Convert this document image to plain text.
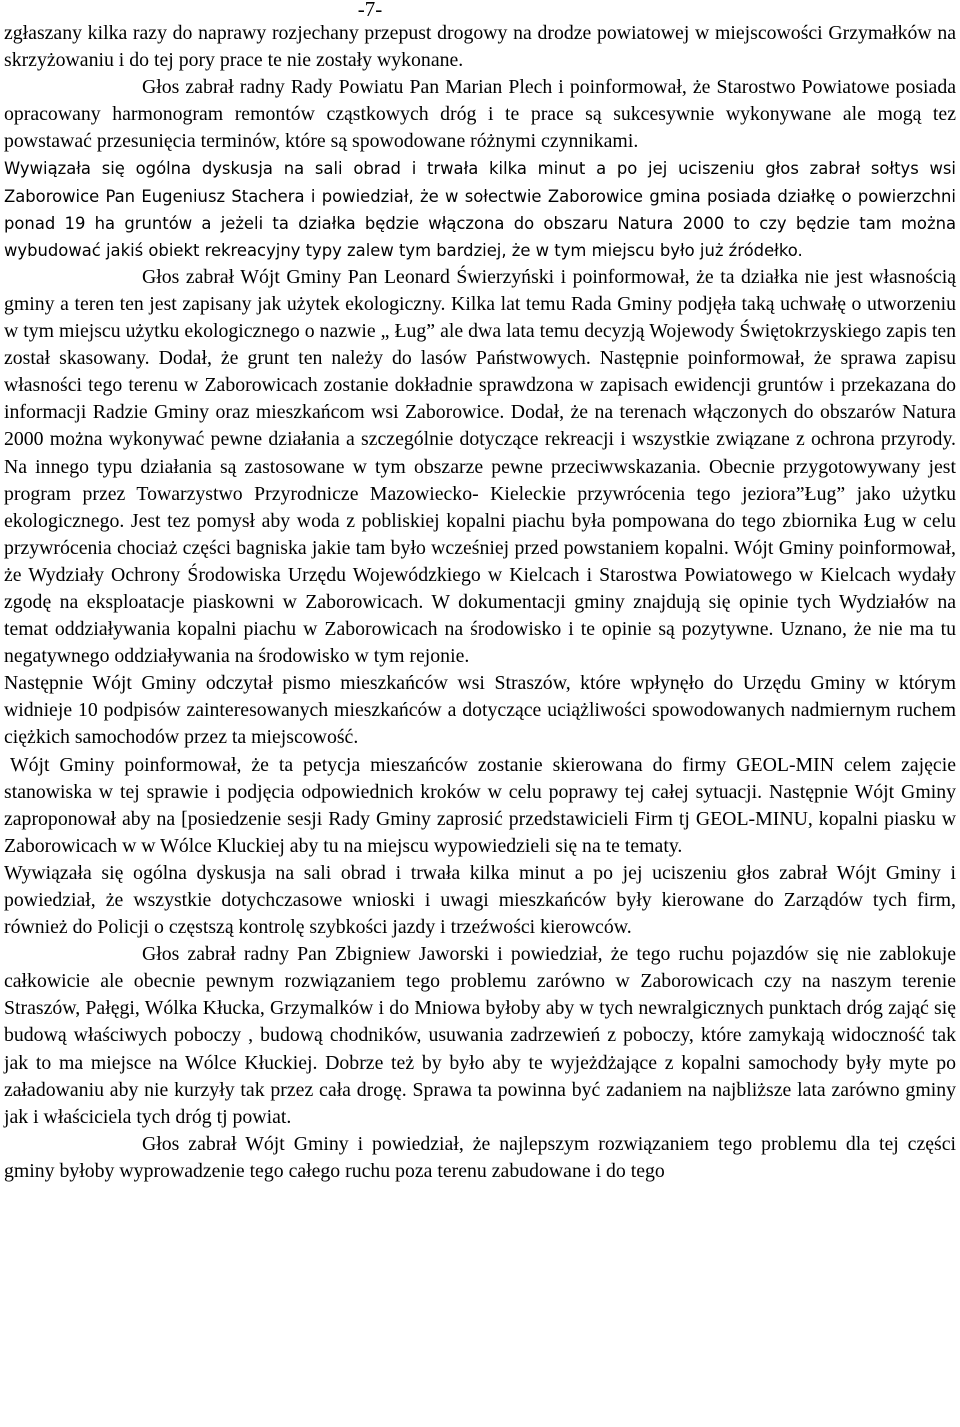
-7-

zgłaszany kilka razy do naprawy rozjechany przepust drogowy na drodze powiatowej w miejscowości Grzymałków na skrzyżowaniu i do tej pory prace te nie zostały wykonane.

Głos zabrał radny Rady Powiatu Pan Marian Plech i poinformował, że Starostwo Powiatowe posiada opracowany harmonogram remontów cząstkowych dróg i te prace są sukcesywnie wykonywane ale mogą tez powstawać przesunięcia terminów, które są spowodowane różnymi czynnikami.

Wywiązała się ogólna dyskusja na sali obrad i trwała kilka minut a po jej uciszeniu głos zabrał sołtys wsi Zaborowice Pan Eugeniusz Stachera i powiedział, że w sołectwie Zaborowice gmina posiada działkę o powierzchni ponad 19 ha gruntów a jeżeli ta działka będzie włączona do obszaru Natura 2000 to czy będzie tam można wybudować jakiś obiekt rekreacyjny typy zalew tym bardziej, że w tym miejscu było już źródełko.

Głos zabrał Wójt Gminy Pan Leonard Świerzyński i poinformował, że ta działka nie jest własnością gminy a teren ten jest zapisany jak użytek ekologiczny. Kilka lat temu Rada Gminy podjęła taką uchwałę o utworzeniu w tym miejscu użytku ekologicznego o nazwie „ Ług” ale dwa lata temu decyzją Wojewody Świętokrzyskiego zapis ten został skasowany. Dodał, że grunt ten należy do lasów Państwowych. Następnie poinformował, że sprawa zapisu własności tego terenu w Zaborowicach zostanie dokładnie sprawdzona w zapisach ewidencji gruntów i przekazana do informacji Radzie Gminy oraz mieszkańcom wsi Zaborowice. Dodał, że na terenach włączonych do obszarów Natura 2000 można wykonywać pewne działania a szczególnie dotyczące rekreacji i wszystkie związane z ochrona przyrody. Na innego typu działania są zastosowane w tym obszarze pewne przeciwwskazania. Obecnie przygotowywany jest program przez Towarzystwo Przyrodnicze Mazowiecko- Kieleckie przywrócenia tego jeziora”Ług” jako użytku ekologicznego. Jest tez pomysł aby woda z pobliskiej kopalni piachu była pompowana do tego zbiornika Ług w celu przywrócenia chociaż części bagniska jakie tam było wcześniej przed powstaniem kopalni. Wójt Gminy poinformował, że Wydziały Ochrony Środowiska Urzędu Wojewódzkiego w Kielcach i Starostwa Powiatowego w Kielcach wydały zgodę na eksploatacje piaskowni w Zaborowicach. W dokumentacji gminy znajdują się opinie tych Wydziałów na temat oddziaływania kopalni piachu w Zaborowicach na środowisko i te opinie są pozytywne. Uznano, że nie ma tu negatywnego oddziaływania na środowisko w tym rejonie.

Następnie Wójt Gminy odczytał pismo mieszkańców wsi Straszów, które wpłynęło do Urzędu Gminy w którym widnieje 10 podpisów zainteresowanych mieszkańców a dotyczące uciążliwości spowodowanych nadmiernym ruchem ciężkich samochodów przez ta miejscowość.

Wójt Gminy poinformował, że ta petycja mieszańców zostanie skierowana do firmy GEOL-MIN celem zajęcie stanowiska w tej sprawie i podjęcia odpowiednich kroków w celu poprawy tej całej sytuacji. Następnie Wójt Gminy zaproponował aby na [posiedzenie sesji Rady Gminy zaprosić przedstawicieli Firm tj GEOL-MINU, kopalni piasku w Zaborowicach w w Wólce Kluckiej aby tu na miejscu wypowiedzieli się na te tematy.

Wywiązała się ogólna dyskusja na sali obrad i trwała kilka minut a po jej uciszeniu głos zabrał Wójt Gminy i powiedział, że wszystkie dotychczasowe wnioski i uwagi mieszkańców były kierowane do Zarządów tych firm, również do Policji o częstszą kontrolę szybkości jazdy i trzeźwości kierowców.

Głos zabrał radny Pan Zbigniew Jaworski i powiedział, że tego ruchu pojazdów się nie zablokuje całkowicie ale obecnie pewnym rozwiązaniem tego problemu zarówno w Zaborowicach czy na naszym terenie Straszów, Pałęgi, Wólka Kłucka, Grzymalków i do Mniowa byłoby aby w tych newralgicznych punktach dróg zająć się budową właściwych poboczy , budową chodników, usuwania zadrzewień z poboczy, które zamykają widoczność tak jak to ma miejsce na Wólce Kłuckiej. Dobrze też by było aby te wyjeżdżające z kopalni samochody były myte po załadowaniu aby nie kurzyły tak przez cała drogę. Sprawa ta powinna być zadaniem na najbliższe lata zarówno gminy jak i właściciela tych dróg tj powiat.

Głos zabrał Wójt Gminy i powiedział, że najlepszym rozwiązaniem tego problemu dla tej części gminy byłoby wyprowadzenie tego całego ruchu poza terenu zabudowane i do tego
